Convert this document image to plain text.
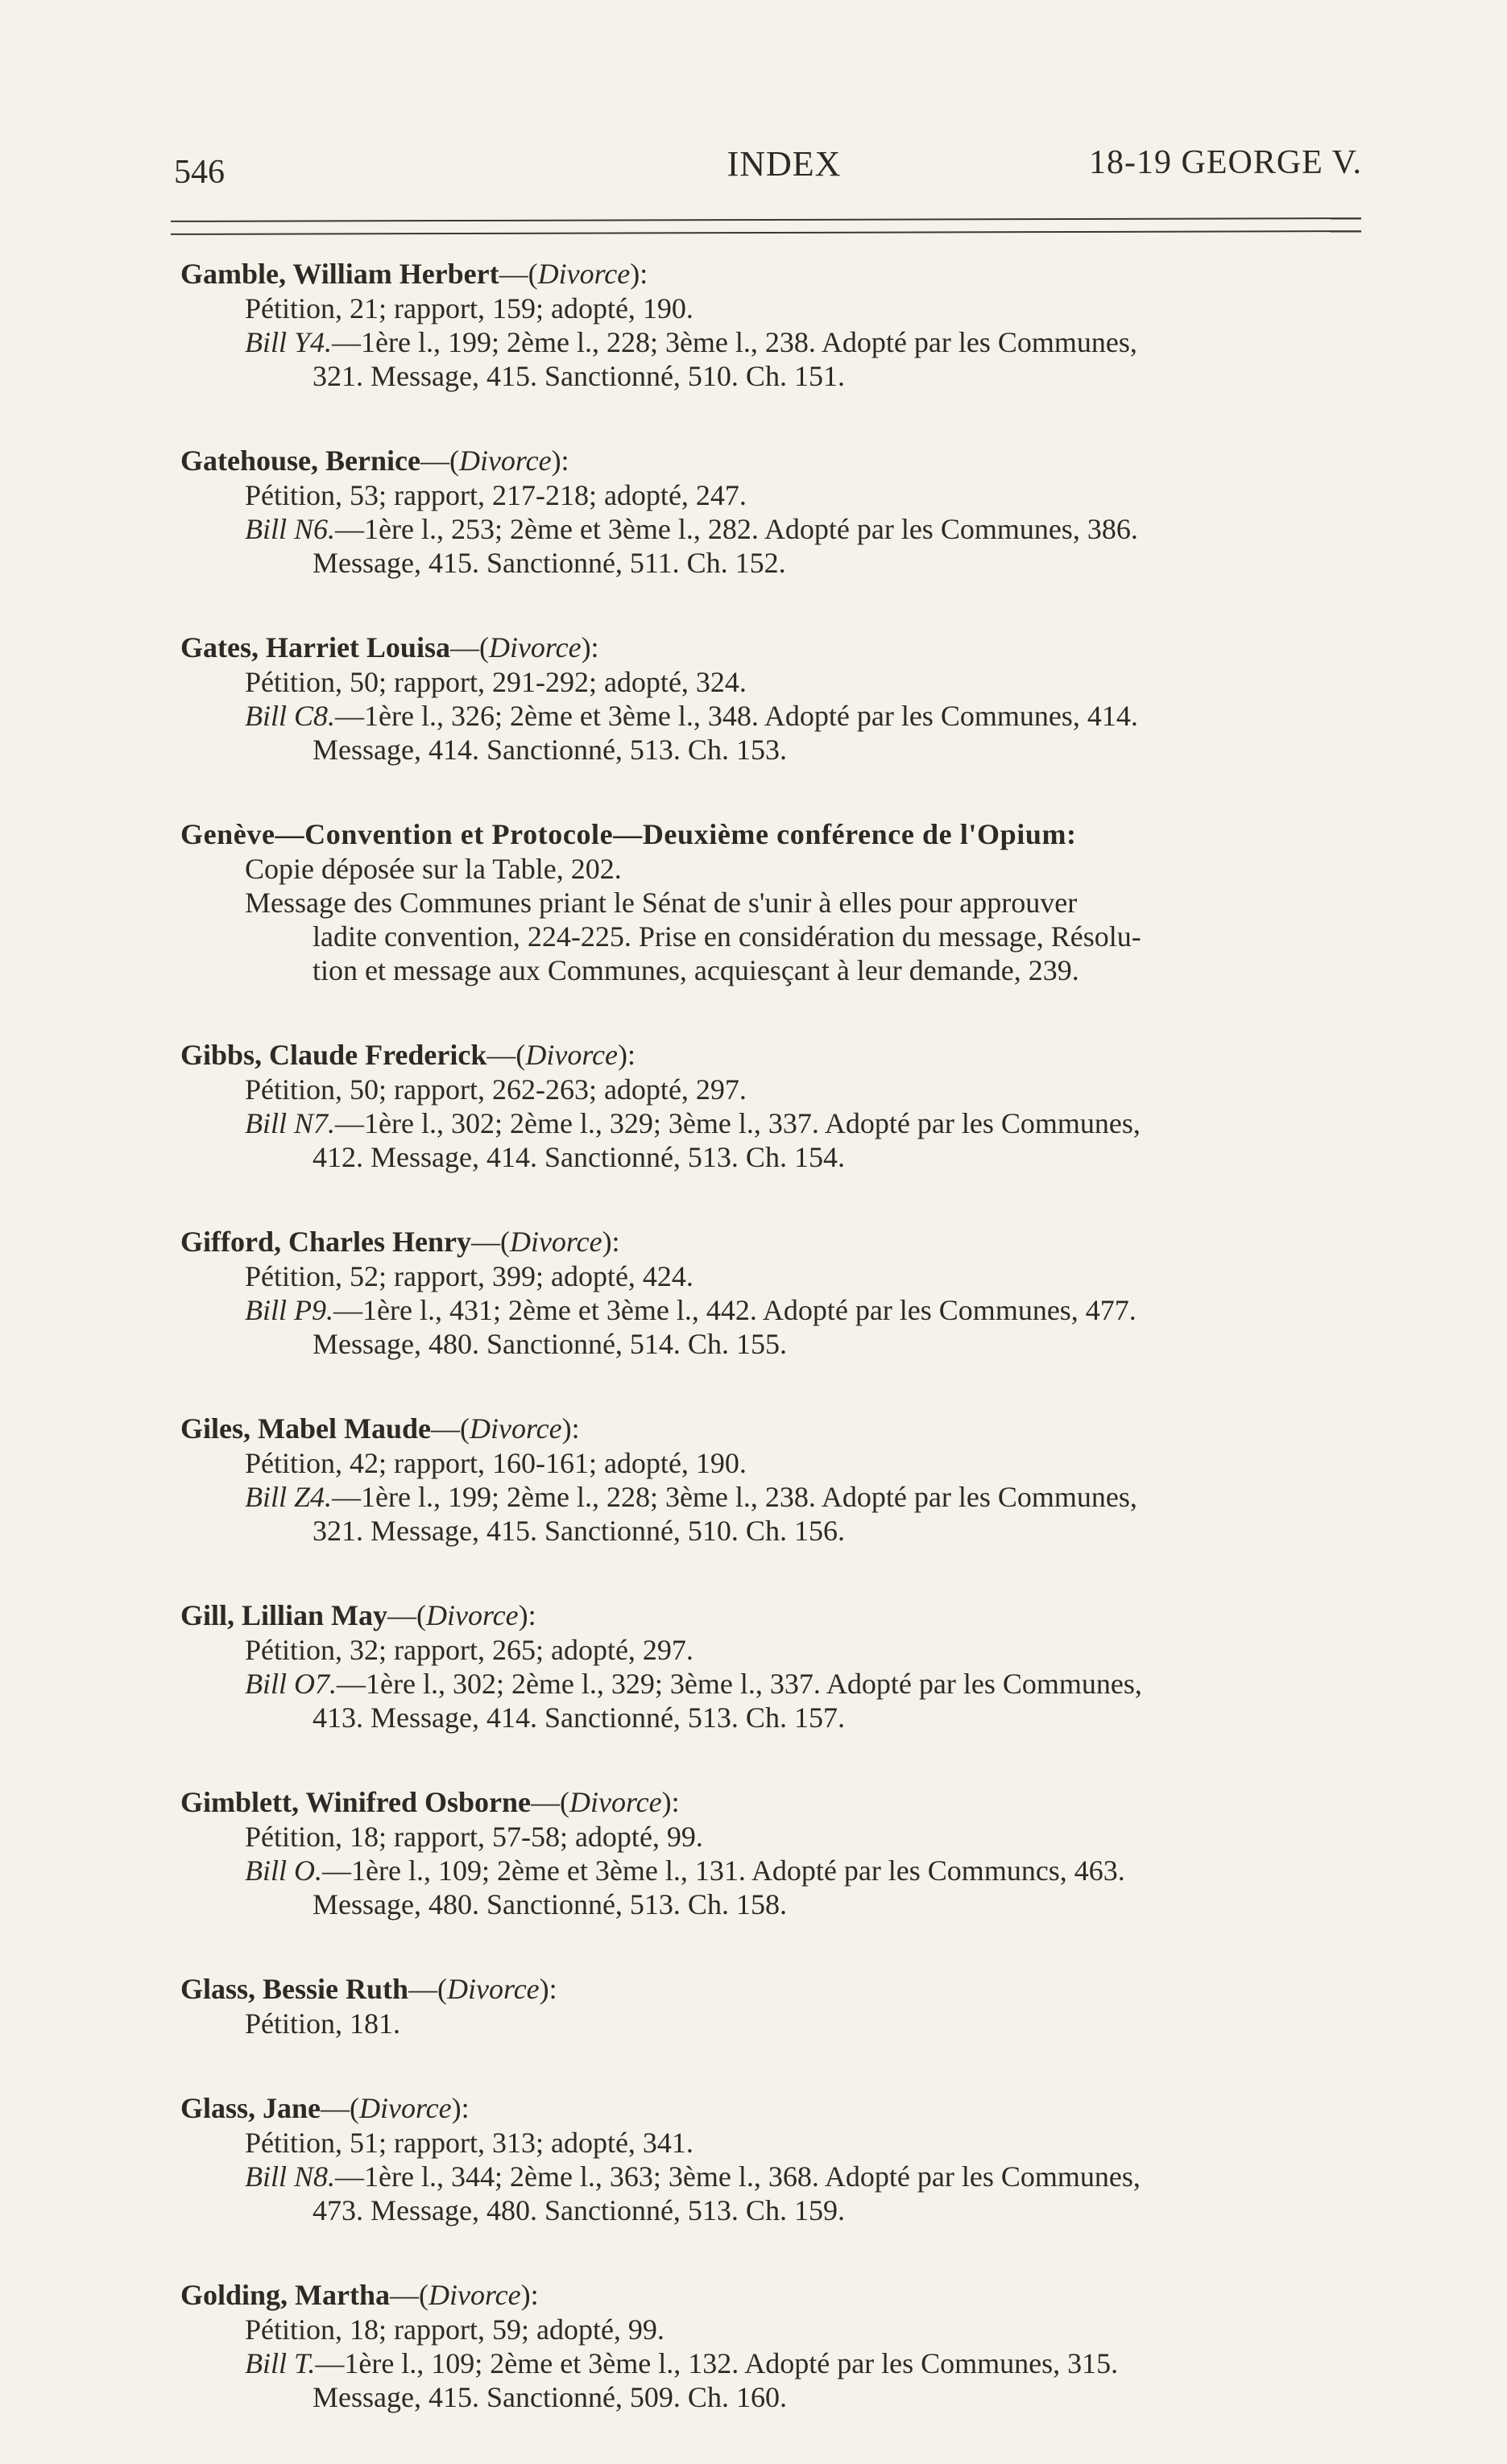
546	INDEX	18-19 GEORGE V.
Gamble, William Herbert—(Divorce):
Pétition, 21; rapport, 159; adopté, 190.
Bill Y4.—1ère l., 199; 2ème l., 228; 3ème l., 238. Adopté par les Communes,
321. Message, 415. Sanctionné, 510. Ch. 151.
Gatehouse, Bernice—(Divorce):
Pétition, 53; rapport, 217-218; adopté, 247.
Bill N6.—1ère l., 253; 2ème et 3ème l., 282. Adopté par les Communes, 386.
Message, 415. Sanctionné, 511. Ch. 152.
Gates, Harriet Louisa—(Divorce):
Pétition, 50; rapport, 291-292; adopté, 324.
Bill C8.—1ère l., 326; 2ème et 3ème l., 348. Adopté par les Communes, 414.
Message, 414. Sanctionné, 513. Ch. 153.
Genève—Convention et Protocole—Deuxième conférence de l'Opium:
Copie déposée sur la Table, 202.
Message des Communes priant le Sénat de s'unir à elles pour approuver
ladite convention, 224-225. Prise en considération du message, Résolu-
tion et message aux Communes, acquiesçant à leur demande, 239.
Gibbs, Claude Frederick—(Divorce):
Pétition, 50; rapport, 262-263; adopté, 297.
Bill N7.—1ère l., 302; 2ème l., 329; 3ème l., 337. Adopté par les Communes,
412. Message, 414. Sanctionné, 513. Ch. 154.
Gifford, Charles Henry—(Divorce):
Pétition, 52; rapport, 399; adopté, 424.
Bill P9.—1ère l., 431; 2ème et 3ème l., 442. Adopté par les Communes, 477.
Message, 480. Sanctionné, 514. Ch. 155.
Giles, Mabel Maude—(Divorce):
Pétition, 42; rapport, 160-161; adopté, 190.
Bill Z4.—1ère l., 199; 2ème l., 228; 3ème l., 238. Adopté par les Communes,
321. Message, 415. Sanctionné, 510. Ch. 156.
Gill, Lillian May—(Divorce):
Pétition, 32; rapport, 265; adopté, 297.
Bill O7.—1ère l., 302; 2ème l., 329; 3ème l., 337. Adopté par les Communes,
413. Message, 414. Sanctionné, 513. Ch. 157.
Gimblett, Winifred Osborne—(Divorce):
Pétition, 18; rapport, 57-58; adopté, 99.
Bill O.—1ère l., 109; 2ème et 3ème l., 131. Adopté par les Communcs, 463.
Message, 480. Sanctionné, 513. Ch. 158.
Glass, Bessie Ruth—(Divorce):
Pétition, 181.
Glass, Jane—(Divorce):
Pétition, 51; rapport, 313; adopté, 341.
Bill N8.—1ère l., 344; 2ème l., 363; 3ème l., 368. Adopté par les Communes,
473. Message, 480. Sanctionné, 513. Ch. 159.
Golding, Martha—(Divorce):
Pétition, 18; rapport, 59; adopté, 99.
Bill T.—1ère l., 109; 2ème et 3ème l., 132. Adopté par les Communes, 315.
Message, 415. Sanctionné, 509. Ch. 160.
